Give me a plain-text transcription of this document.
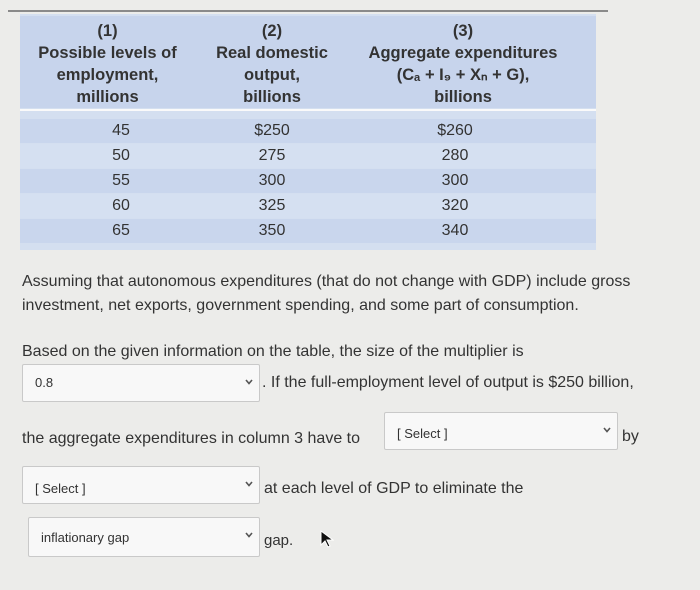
(1)
Possible levels of
employment,
millions
(2)
Real domestic
output,
billions
(3)
Aggregate expenditures
(Cₐ + I₉ + Xₙ + G),
billions
45	$250	$260
50	275	280
55	300	300
60	325	320
65	350	340
Assuming that autonomous expenditures (that do not change with GDP) include gross
investment, net exports, government spending, and some part of consumption.
Based on the given information on the table, the size of the multiplier is
0.8	. If the full-employment level of output is $250 billion,
the aggregate expenditures in column 3 have to	[ Select ]	by
[ Select ]	at each level of GDP to eliminate the
inflationary gap	gap.
